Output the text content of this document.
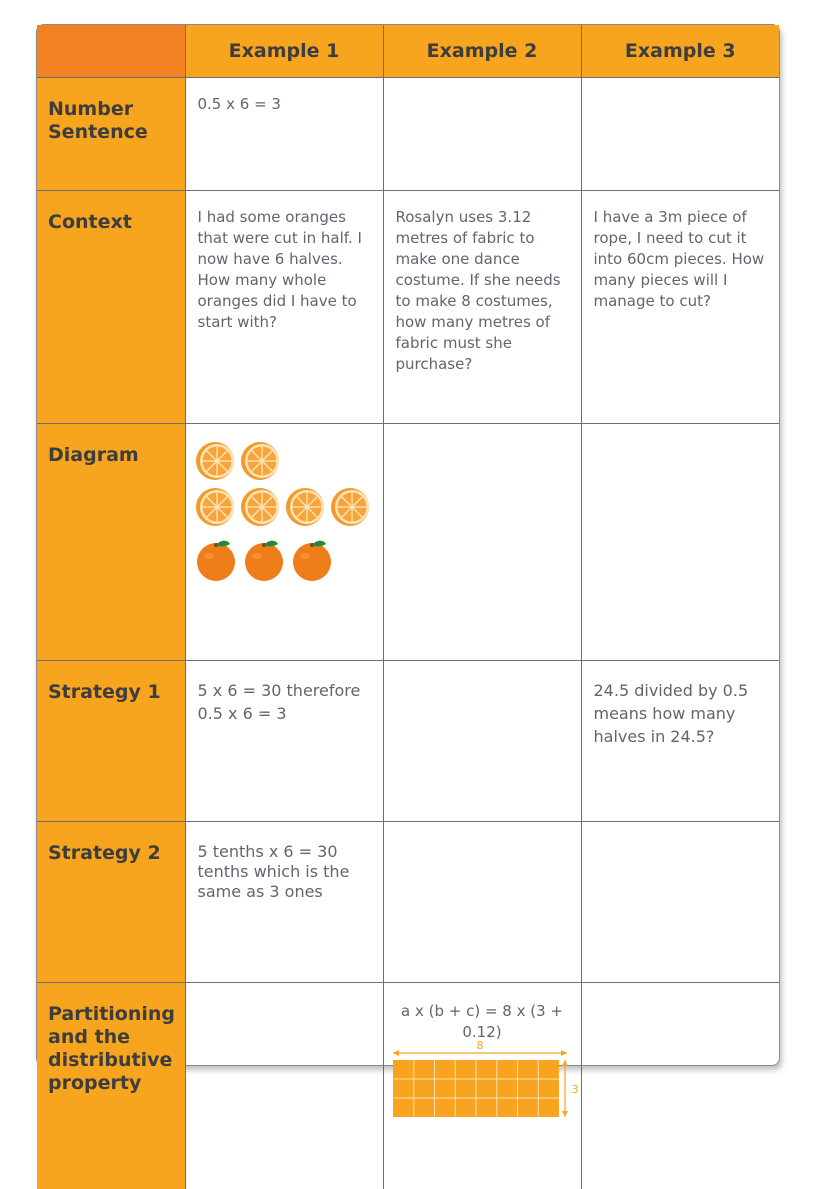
	Example 1	Example 2	Example 3
Number Sentence	0.5 x 6 = 3		
Context	I had some oranges that were cut in half. I now have 6 halves. How many whole oranges did I have to start with?	Rosalyn uses 3.12 metres of fabric to make one dance costume. If she needs to make 8 costumes, how many metres of fabric must she purchase?	I have a 3m piece of rope, I need to cut it into 60cm pieces. How many pieces will I manage to cut?
Diagram	

Strategy 1	5 x 6 = 30 therefore 0.5 x 6 = 3		24.5 divided by 0.5 means how many halves in 24.5?
Strategy 2	5 tenths x 6 = 30 tenths which is the same as 3 ones		
Partitioning and the distributive property		a x (b + c) = 8 x (3 + 0.12)
8
3	
